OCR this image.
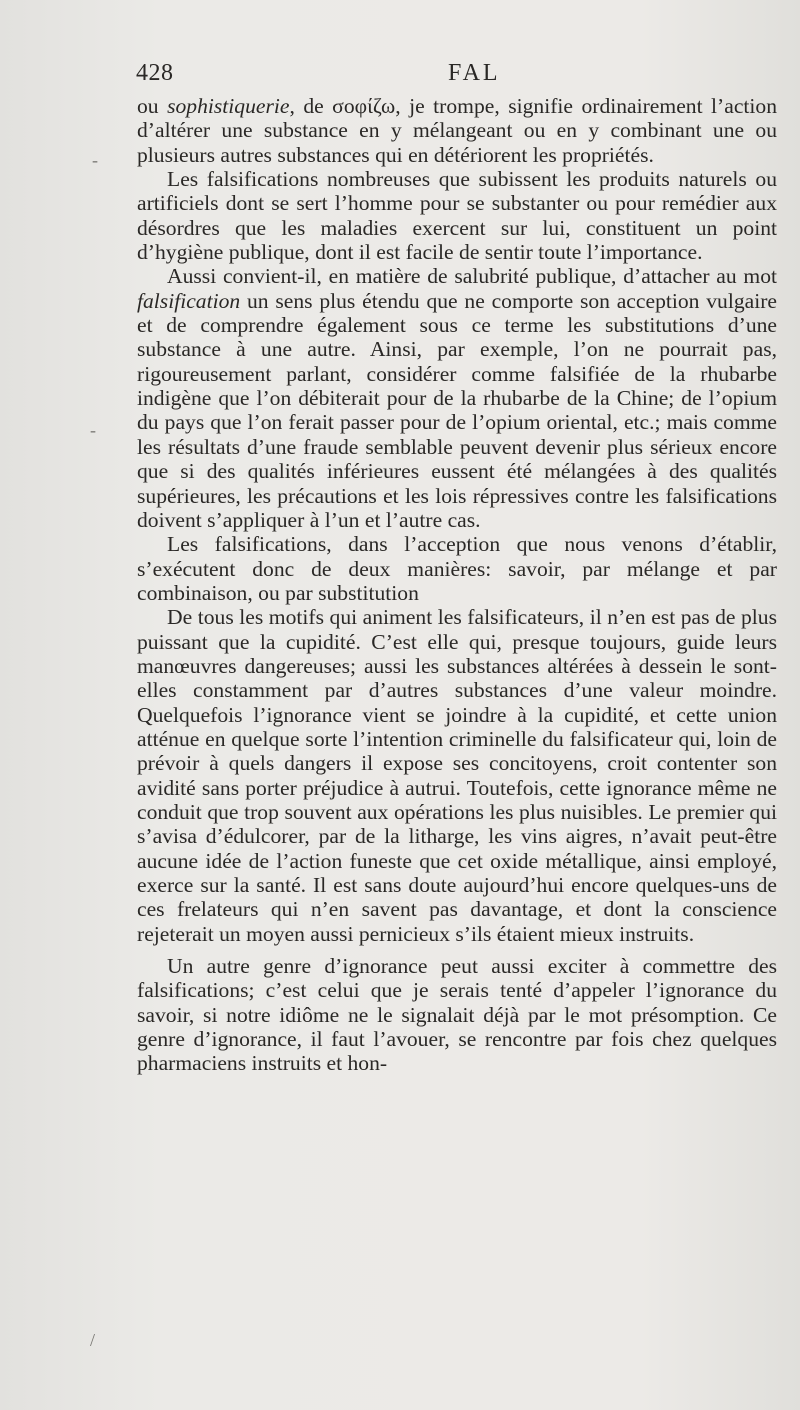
428	FAL

ou sophistiquerie, de σοφίζω, je trompe, signifie ordinairement l’action d’altérer une substance en y mélangeant ou en y combinant une ou plusieurs autres substances qui en détériorent les propriétés.

Les falsifications nombreuses que subissent les produits naturels ou artificiels dont se sert l’homme pour se substanter ou pour remédier aux désordres que les maladies exercent sur lui, constituent un point d’hygiène publique, dont il est facile de sentir toute l’importance.

Aussi convient-il, en matière de salubrité publique, d’attacher au mot falsification un sens plus étendu que ne comporte son acception vulgaire et de comprendre également sous ce terme les substitutions d’une substance à une autre. Ainsi, par exemple, l’on ne pourrait pas, rigoureusement parlant, considérer comme falsifiée de la rhubarbe indigène que l’on débiterait pour de la rhubarbe de la Chine; de l’opium du pays que l’on ferait passer pour de l’opium oriental, etc.; mais comme les résultats d’une fraude semblable peuvent devenir plus sérieux encore que si des qualités inférieures eussent été mélangées à des qualités supérieures, les précautions et les lois répressives contre les falsifications doivent s’appliquer à l’un et l’autre cas.

Les falsifications, dans l’acception que nous venons d’établir, s’exécutent donc de deux manières: savoir, par mélange et par combinaison, ou par substitution

De tous les motifs qui animent les falsificateurs, il n’en est pas de plus puissant que la cupidité. C’est elle qui, presque toujours, guide leurs manœuvres dangereuses; aussi les substances altérées à dessein le sont-elles constamment par d’autres substances d’une valeur moindre. Quelquefois l’ignorance vient se joindre à la cupidité, et cette union atténue en quelque sorte l’intention criminelle du falsificateur qui, loin de prévoir à quels dangers il expose ses concitoyens, croit contenter son avidité sans porter préjudice à autrui. Toutefois, cette ignorance même ne conduit que trop souvent aux opérations les plus nuisibles. Le premier qui s’avisa d’édulcorer, par de la litharge, les vins aigres, n’avait peut-être aucune idée de l’action funeste que cet oxide métallique, ainsi employé, exerce sur la santé. Il est sans doute aujourd’hui encore quelques-uns de ces frelateurs qui n’en savent pas davantage, et dont la conscience rejeterait un moyen aussi pernicieux s’ils étaient mieux instruits.

Un autre genre d’ignorance peut aussi exciter à commettre des falsifications; c’est celui que je serais tenté d’appeler l’ignorance du savoir, si notre idiôme ne le signalait déjà par le mot présomption. Ce genre d’ignorance, il faut l’avouer, se rencontre par fois chez quelques pharmaciens instruits et hon-

-
-
/
